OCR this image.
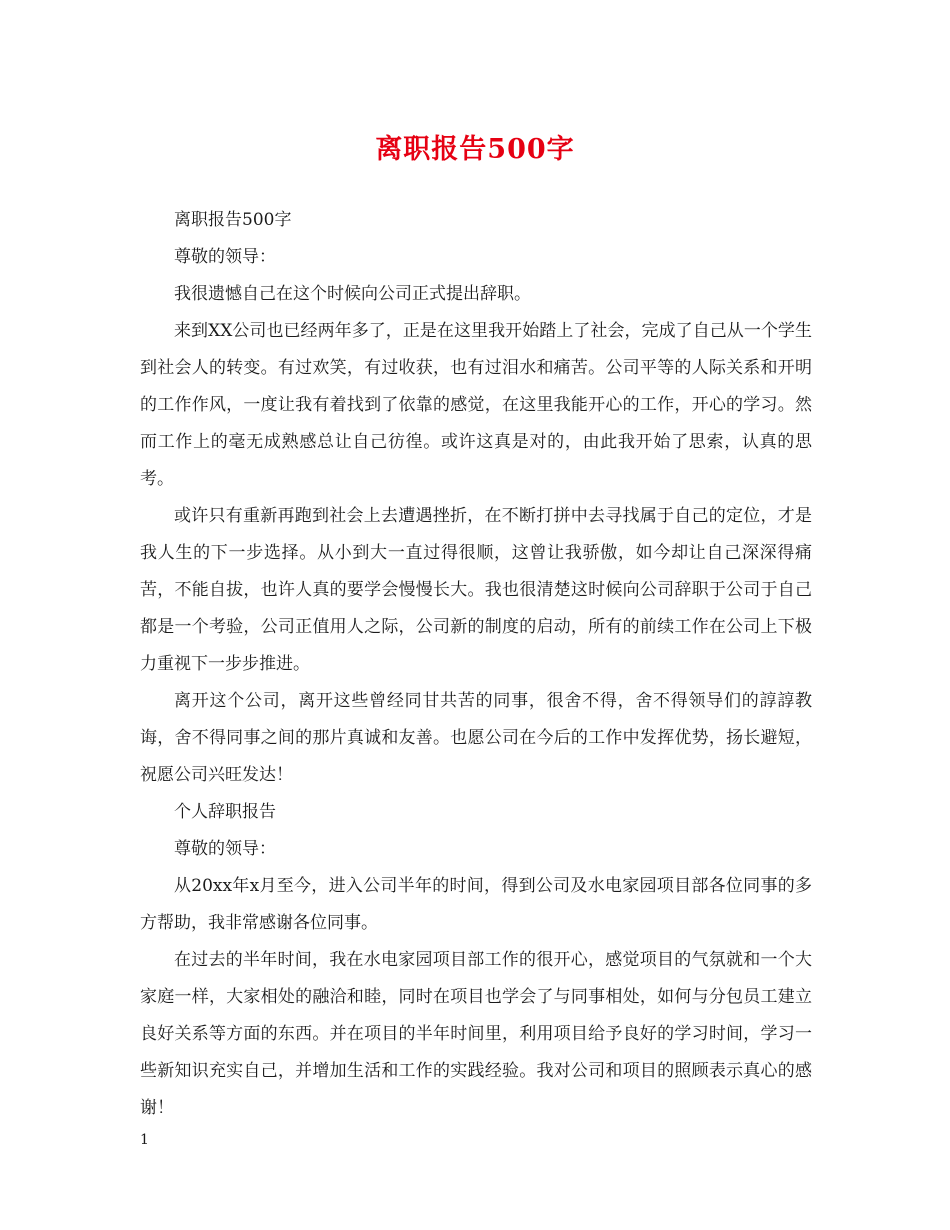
离职报告500字

离职报告500字

尊敬的领导：

我很遗憾自己在这个时候向公司正式提出辞职。

来到XX公司也已经两年多了，正是在这里我开始踏上了社会，完成了自己从一个学生到社会人的转变。有过欢笑，有过收获，也有过泪水和痛苦。公司平等的人际关系和开明的工作作风，一度让我有着找到了依靠的感觉，在这里我能开心的工作，开心的学习。然而工作上的毫无成熟感总让自己彷徨。或许这真是对的，由此我开始了思索，认真的思考。

或许只有重新再跑到社会上去遭遇挫折，在不断打拼中去寻找属于自己的定位，才是我人生的下一步选择。从小到大一直过得很顺，这曾让我骄傲，如今却让自己深深得痛苦，不能自拔，也许人真的要学会慢慢长大。我也很清楚这时候向公司辞职于公司于自己都是一个考验，公司正值用人之际，公司新的制度的启动，所有的前续工作在公司上下极力重视下一步步推进。

离开这个公司，离开这些曾经同甘共苦的同事，很舍不得，舍不得领导们的諄諄教诲，舍不得同事之间的那片真诚和友善。也愿公司在今后的工作中发挥优势，扬长避短，祝愿公司兴旺发达！

个人辞职报告

尊敬的领导：

从20xx年x月至今，进入公司半年的时间，得到公司及水电家园项目部各位同事的多方帮助，我非常感谢各位同事。

在过去的半年时间，我在水电家园项目部工作的很开心，感觉项目的气氛就和一个大家庭一样，大家相处的融洽和睦，同时在项目也学会了与同事相处，如何与分包员工建立良好关系等方面的东西。并在项目的半年时间里，利用项目给予良好的学习时间，学习一些新知识充实自己，并增加生活和工作的实践经验。我对公司和项目的照顾表示真心的感谢！

1
